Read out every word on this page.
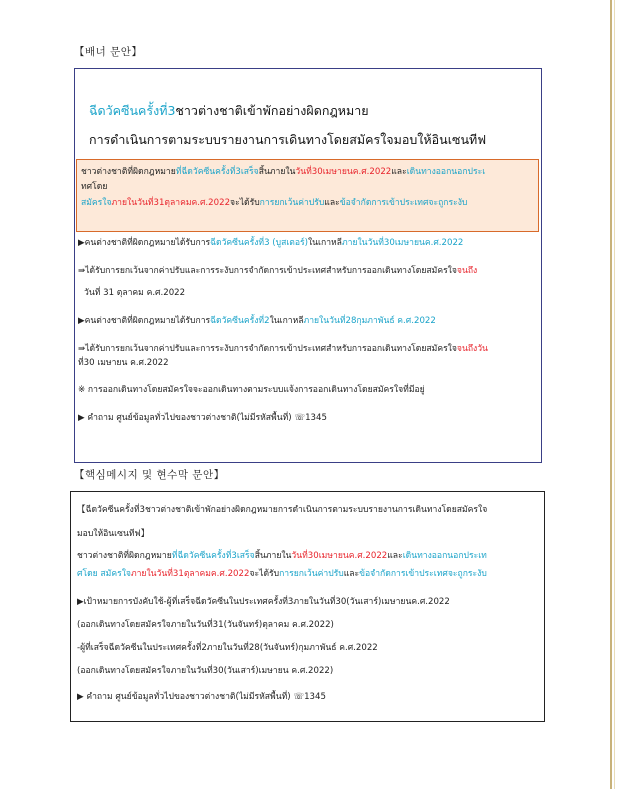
【배너 문안】
ฉีดวัคซีนครั้งที่3ชาวต่างชาติเข้าพักอย่างผิดกฎหมาย
การดำเนินการตามระบบรายงานการเดินทางโดยสมัครใจมอบให้อินเซนทีฟ
ชาวต่างชาติที่ผิดกฎหมายที่ฉีดวัคซีนครั้งที่3เสร็จสิ้นภายในวันที่30เมษายนค.ศ.2022และเดินทางออกนอกประเ
ทศโดย
สมัครใจภายในวันที่31ตุลาคมค.ศ.2022จะได้รับการยกเว้นค่าปรับและข้อจำกัดการเข้าประเทศจะถูกระงับ
▶คนต่างชาติที่ผิดกฎหมายได้รับการฉีดวัคซีนครั้งที่3 (บูสเตอร์)ในเกาหลีภายในวันที่30เมษายนค.ศ.2022
⇛ได้รับการยกเว้นจากค่าปรับและการระงับการจำกัดการเข้าประเทศสำหรับการออกเดินทางโดยสมัครใจจนถึง
วันที่ 31 ตุลาคม ค.ศ.2022
▶คนต่างชาติที่ผิดกฎหมายได้รับการฉีดวัคซีนครั้งที่2ในเกาหลีภายในวันที่28กุมภาพันธ์ ค.ศ.2022
⇛ได้รับการยกเว้นจากค่าปรับและการระงับการจำกัดการเข้าประเทศสำหรับการออกเดินทางโดยสมัครใจจนถึงวัน
ที่30 เมษายน ค.ศ.2022
※ การออกเดินทางโดยสมัครใจจะออกเดินทางตามระบบแจ้งการออกเดินทางโดยสมัครใจที่มีอยู่
▶ คำถาม ศูนย์ข้อมูลทั่วไปของชาวต่างชาติ(ไม่มีรหัสพื้นที่) ☏1345
【핵심메시지 및 현수막 문안】
【ฉีดวัคซีนครั้งที่3ชาวต่างชาติเข้าพักอย่างผิดกฎหมายการดำเนินการตามระบบรายงานการเดินทางโดยสมัครใจ
มอบให้อินเซนทีฟ】
ชาวต่างชาติที่ผิดกฎหมายที่ฉีดวัคซีนครั้งที่3เสร็จสิ้นภายในวันที่30เมษายนค.ศ.2022และเดินทางออกนอกประเท
ศโดย สมัครใจภายในวันที่31ตุลาคมค.ศ.2022จะได้รับการยกเว้นค่าปรับและข้อจำกัดการเข้าประเทศจะถูกระงับ
▶เป้าหมายการบังคับใช้-ผู้ที่เสร็จฉีดวัคซีนในประเทศครั้งที่3ภายในวันที่30(วันเสาร์)เมษายนค.ศ.2022
(ออกเดินทางโดยสมัครใจภายในวันที่31(วันจันทร์)ตุลาคม ค.ศ.2022)
-ผู้ที่เสร็จฉีดวัคซีนในประเทศครั้งที่2ภายในวันที่28(วันจันทร์)กุมภาพันธ์ ค.ศ.2022
(ออกเดินทางโดยสมัครใจภายในวันที่30(วันเสาร์)เมษายน ค.ศ.2022)
▶ คำถาม ศูนย์ข้อมูลทั่วไปของชาวต่างชาติ(ไม่มีรหัสพื้นที่) ☏1345
